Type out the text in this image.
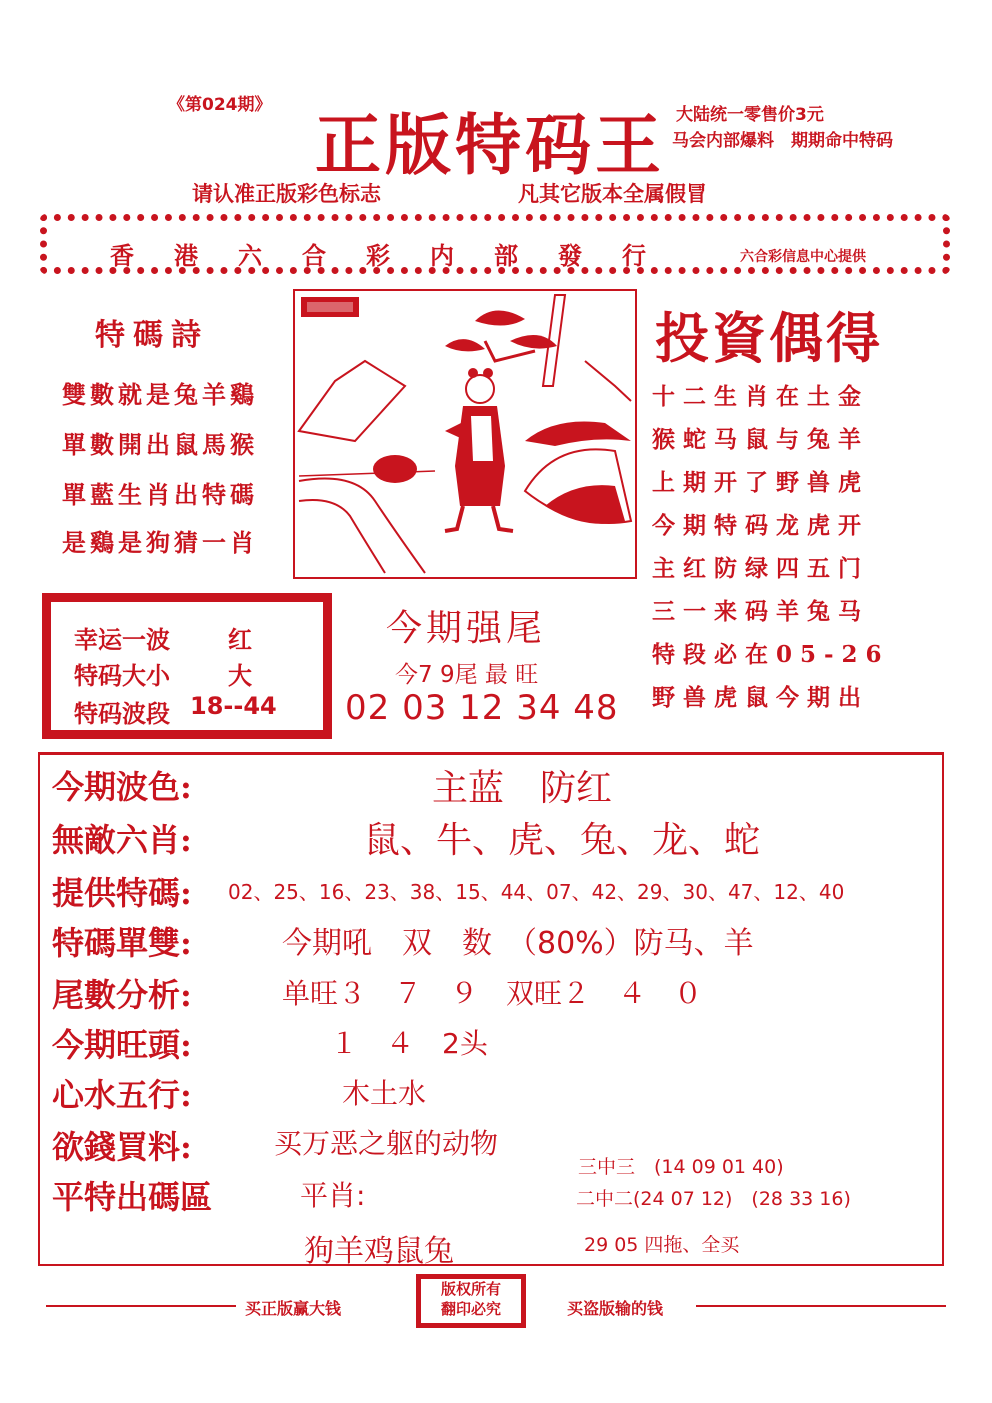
《第024期》
正版特码王 大陆统一零售价3元
马会内部爆料　期期命中特码
请认准正版彩色标志	凡其它版本全属假冒
香港六合彩内部發行	六合彩信息中心提供
特碼詩
雙數就是兔羊鷄
單數開出鼠馬猴
單藍生肖出特碼
是鷄是狗猜一肖
投資偶得
十二生肖在土金
猴蛇马鼠与兔羊
上期开了野兽虎
今期特码龙虎开
主红防绿四五门
三一来码羊兔马
特段必在05-26
野兽虎鼠今期出
幸运一波 红
特码大小 大
特码波段 18--44
今期强尾
今7 9尾 最 旺
02 03 12 34 48
今期波色:	主蓝　防红
無敵六肖:	鼠、牛、虎、兔、龙、蛇
提供特碼: 02、25、16、23、38、15、44、07、42、29、30、47、12、40
特碼單雙:	今期吼　双　数　（80%）防马、羊
尾數分析:	单旺３　７　９　双旺２　４　０
今期旺頭:	１　４　2头
心水五行:	木土水
欲錢買料:	买万恶之躯的动物
平特出碼區	平肖:
狗羊鸡鼠兔
三中三　(14 09 01 40)
二中二(24 07 12)　(28 33 16)
29 05 四拖、全买
买正版赢大钱
版权所有
翻印必究	买盗版输的钱
